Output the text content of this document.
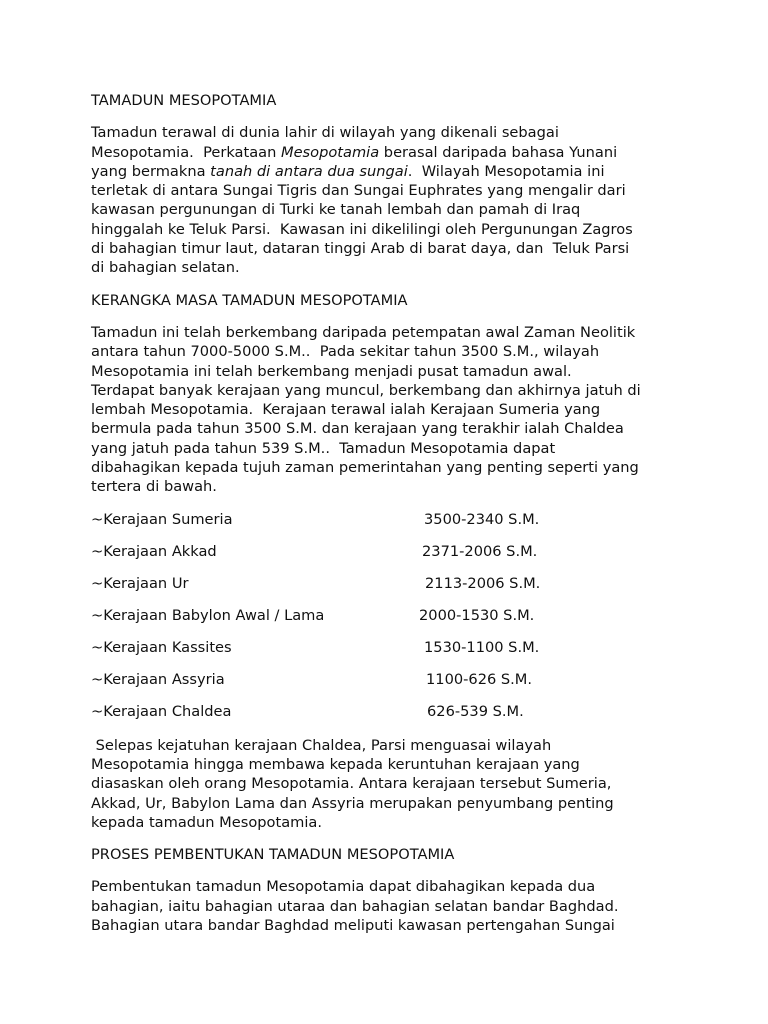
TAMADUN MESOPOTAMIA
Tamadun terawal di dunia lahir di wilayah yang dikenali sebagai
Mesopotamia.  Perkataan Mesopotamia berasal daripada bahasa Yunani
yang bermakna tanah di antara dua sungai.  Wilayah Mesopotamia ini
terletak di antara Sungai Tigris dan Sungai Euphrates yang mengalir dari
kawasan pergunungan di Turki ke tanah lembah dan pamah di Iraq
hinggalah ke Teluk Parsi.  Kawasan ini dikelilingi oleh Pergunungan Zagros
di bahagian timur laut, dataran tinggi Arab di barat daya, dan  Teluk Parsi
di bahagian selatan.
KERANGKA MASA TAMADUN MESOPOTAMIA
Tamadun ini telah berkembang daripada petempatan awal Zaman Neolitik
antara tahun 7000-5000 S.M..  Pada sekitar tahun 3500 S.M., wilayah
Mesopotamia ini telah berkembang menjadi pusat tamadun awal.
Terdapat banyak kerajaan yang muncul, berkembang dan akhirnya jatuh di
lembah Mesopotamia.  Kerajaan terawal ialah Kerajaan Sumeria yang
bermula pada tahun 3500 S.M. dan kerajaan yang terakhir ialah Chaldea
yang jatuh pada tahun 539 S.M..  Tamadun Mesopotamia dapat
dibahagikan kepada tujuh zaman pemerintahan yang penting seperti yang
tertera di bawah.
~Kerajaan Sumeria	3500-2340 S.M.
~Kerajaan Akkad	2371-2006 S.M.
~Kerajaan Ur	2113-2006 S.M.
~Kerajaan Babylon Awal / Lama	2000-1530 S.M.
~Kerajaan Kassites	1530-1100 S.M.
~Kerajaan Assyria	1100-626 S.M.
~Kerajaan Chaldea	626-539 S.M.
Selepas kejatuhan kerajaan Chaldea, Parsi menguasai wilayah
Mesopotamia hingga membawa kepada keruntuhan kerajaan yang
diasaskan oleh orang Mesopotamia. Antara kerajaan tersebut Sumeria,
Akkad, Ur, Babylon Lama dan Assyria merupakan penyumbang penting
kepada tamadun Mesopotamia.
PROSES PEMBENTUKAN TAMADUN MESOPOTAMIA
Pembentukan tamadun Mesopotamia dapat dibahagikan kepada dua
bahagian, iaitu bahagian utaraa dan bahagian selatan bandar Baghdad.
Bahagian utara bandar Baghdad meliputi kawasan pertengahan Sungai
